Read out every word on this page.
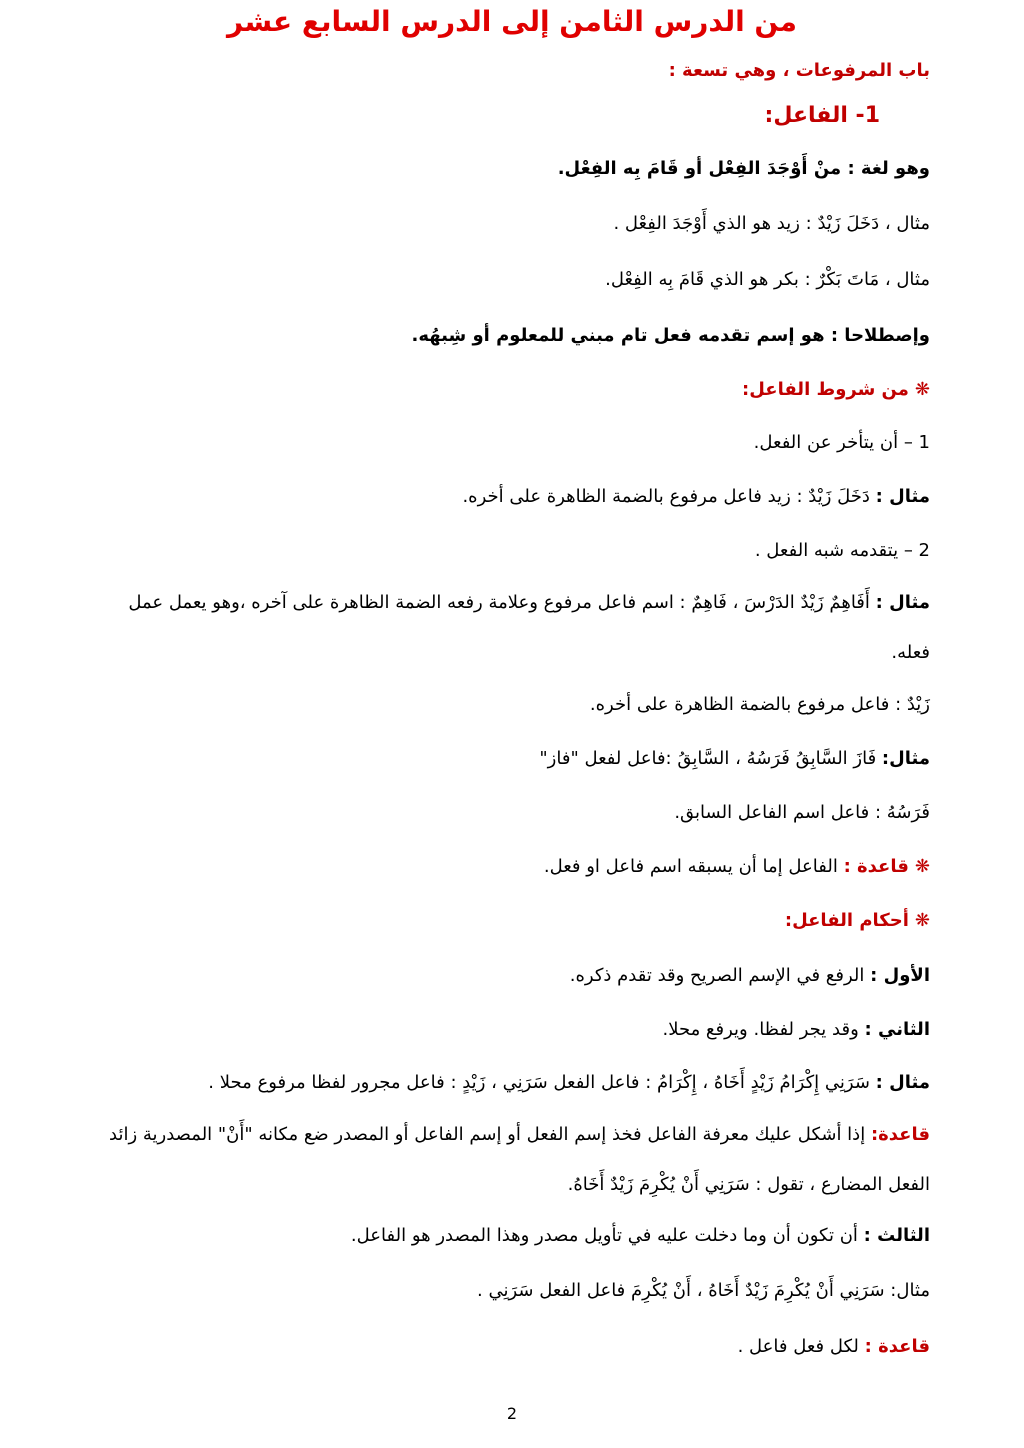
من الدرس الثامن إلى الدرس السابع عشر

باب المرفوعات ، وهي تسعة :

1- الفاعل:

وهو لغة : منْ أَوْجَدَ الفِعْل أو قَامَ بِه الفِعْل.

مثال ، دَخَلَ زَيْدٌ : زيد هو الذي أَوْجَدَ الفِعْل .

مثال ، مَاتَ بَكْرٌ : بكر هو الذي قَامَ بِه الفِعْل.

وإصطلاحا : هو إسم تقدمه فعل تام مبني للمعلوم أو شِبهُه.

❋من شروط الفاعل:

1 – أن يتأخر عن الفعل.

مثال : دَخَلَ زَيْدٌ : زيد فاعل مرفوع بالضمة الظاهرة على أخره.

2 – يتقدمه شبه الفعل .

مثال : أَفَاهِمٌ زَيْدٌ الدَرْسَ ، فَاهِمٌ : اسم فاعل مرفوع وعلامة رفعه الضمة الظاهرة على آخره ،وهو يعمل عمل فعله.

زَيْدٌ : فاعل مرفوع بالضمة الظاهرة على أخره.

مثال: فَازَ السَّابِقُ فَرَسُهُ ، السَّابِقُ :فاعل لفعل "فاز"

فَرَسُهُ : فاعل اسم الفاعل السابق.

❋قاعدة : الفاعل إما أن يسبقه اسم فاعل او فعل.

❋أحكام الفاعل:

الأول : الرفع في الإسم الصريح وقد تقدم ذكره.

الثاني : وقد يجر لفظا. ويرفع محلا.

مثال : سَرَنِي إِكْرَامُ زَيْدٍ أَخَاهُ ، إِكْرَامُ : فاعل الفعل سَرَنِي ، زَيْدٍ : فاعل مجرور لفظا مرفوع محلا .

قاعدة: إذا أشكل عليك معرفة الفاعل فخذ إسم الفعل أو إسم الفاعل أو المصدر ضع مكانه "أَنْ" المصدرية زائد الفعل المضارع ، تقول : سَرَنِي أَنْ يُكْرِمَ زَيْدٌ أَخَاهُ.

الثالث : أن تكون أن وما دخلت عليه في تأويل مصدر وهذا المصدر هو الفاعل.

مثال: سَرَنِي أَنْ يُكْرِمَ زَيْدٌ أَخَاهُ ، أَنْ يُكْرِمَ فاعل الفعل سَرَنِي .

قاعدة : لكل فعل فاعل .

2
